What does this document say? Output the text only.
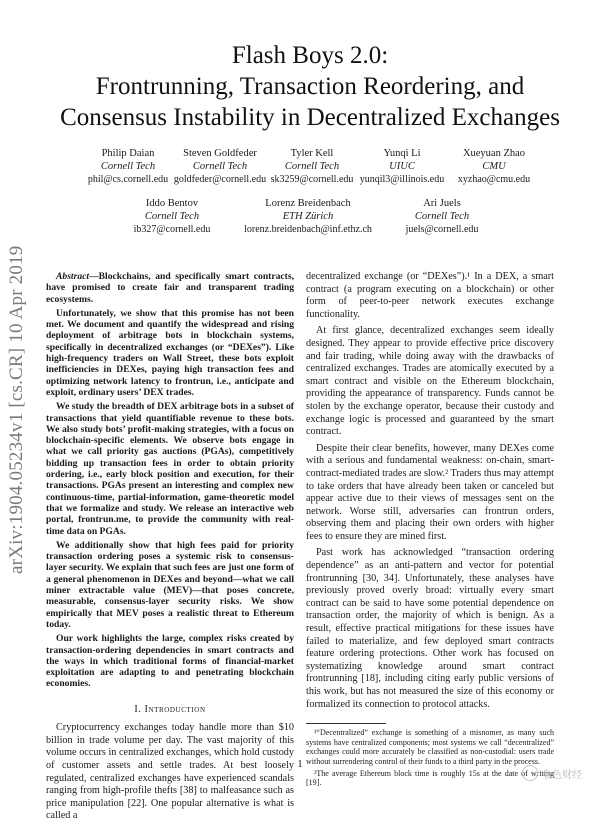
arXiv:1904.05234v1 [cs.CR] 10 Apr 2019
Flash Boys 2.0:
Frontrunning, Transaction Reordering, and
Consensus Instability in Decentralized Exchanges
Philip Daian
Cornell Tech
phil@cs.cornell.edu
Steven Goldfeder
Cornell Tech
goldfeder@cornell.edu
Tyler Kell
Cornell Tech
sk3259@cornell.edu
Yunqi Li
UIUC
yunqil3@illinois.edu
Xueyuan Zhao
CMU
xyzhao@cmu.edu
Iddo Bentov
Cornell Tech
ib327@cornell.edu
Lorenz Breidenbach
ETH Zürich
lorenz.breidenbach@inf.ethz.ch
Ari Juels
Cornell Tech
juels@cornell.edu

Abstract—Blockchains, and specifically smart contracts, have promised to create fair and transparent trading ecosystems.

Unfortunately, we show that this promise has not been met. We document and quantify the widespread and rising deployment of arbitrage bots in blockchain systems, specifically in decentralized exchanges (or “DEXes”). Like high-frequency traders on Wall Street, these bots exploit inefficiencies in DEXes, paying high transaction fees and optimizing network latency to frontrun, i.e., anticipate and exploit, ordinary users’ DEX trades.

We study the breadth of DEX arbitrage bots in a subset of transactions that yield quantifiable revenue to these bots. We also study bots’ profit-making strategies, with a focus on blockchain-specific elements. We observe bots engage in what we call priority gas auctions (PGAs), competitively bidding up transaction fees in order to obtain priority ordering, i.e., early block position and execution, for their transactions. PGAs present an interesting and complex new continuous-time, partial-information, game-theoretic model that we formalize and study. We release an interactive web portal, frontrun.me, to provide the community with real-time data on PGAs.

We additionally show that high fees paid for priority transaction ordering poses a systemic risk to consensus-layer security. We explain that such fees are just one form of a general phenomenon in DEXes and beyond—what we call miner extractable value (MEV)—that poses concrete, measurable, consensus-layer security risks. We show empirically that MEV poses a realistic threat to Ethereum today.

Our work highlights the large, complex risks created by transaction-ordering dependencies in smart contracts and the ways in which traditional forms of financial-market exploitation are adapting to and penetrating blockchain economies.

I. Introduction

Cryptocurrency exchanges today handle more than $10 billion in trade volume per day. The vast majority of this volume occurs in centralized exchanges, which hold custody of customer assets and settle trades. At best loosely regulated, centralized exchanges have experienced scandals ranging from high-profile thefts [38] to malfeasance such as price manipulation [22]. One popular alternative is what is called a

decentralized exchange (or “DEXes”).¹ In a DEX, a smart contract (a program executing on a blockchain) or other form of peer-to-peer network executes exchange functionality.

At first glance, decentralized exchanges seem ideally designed. They appear to provide effective price discovery and fair trading, while doing away with the drawbacks of centralized exchanges. Trades are atomically executed by a smart contract and visible on the Ethereum blockchain, providing the appearance of transparency. Funds cannot be stolen by the exchange operator, because their custody and exchange logic is processed and guaranteed by the smart contract.

Despite their clear benefits, however, many DEXes come with a serious and fundamental weakness: on-chain, smart-contract-mediated trades are slow.² Traders thus may attempt to take orders that have already been taken or canceled but appear active due to their views of messages sent on the network. Worse still, adversaries can frontrun orders, observing them and placing their own orders with higher fees to ensure they are mined first.

Past work has acknowledged “transaction ordering dependence” as an anti-pattern and vector for potential frontrunning [30, 34]. Unfortunately, these analyses have previously proved overly broad: virtually every smart contract can be said to have some potential dependence on transaction order, the majority of which is benign. As a result, effective practical mitigations for these issues have failed to materialize, and few deployed smart contracts feature ordering protections. Other work has focused on systematizing knowledge around smart contract frontrunning [18], including citing early public versions of this work, but has not measured the size of this economy or formalized its connection to protocol attacks.

¹“Decentralized” exchange is something of a misnomer, as many such systems have centralized components; most systems we call “decentralized” exchanges could more accurately be classified as non-custodial: users trade without surrendering control of their funds to a third party in the process.

²The average Ethereum block time is roughly 15s at the date of writing [19].

1
金色财经
